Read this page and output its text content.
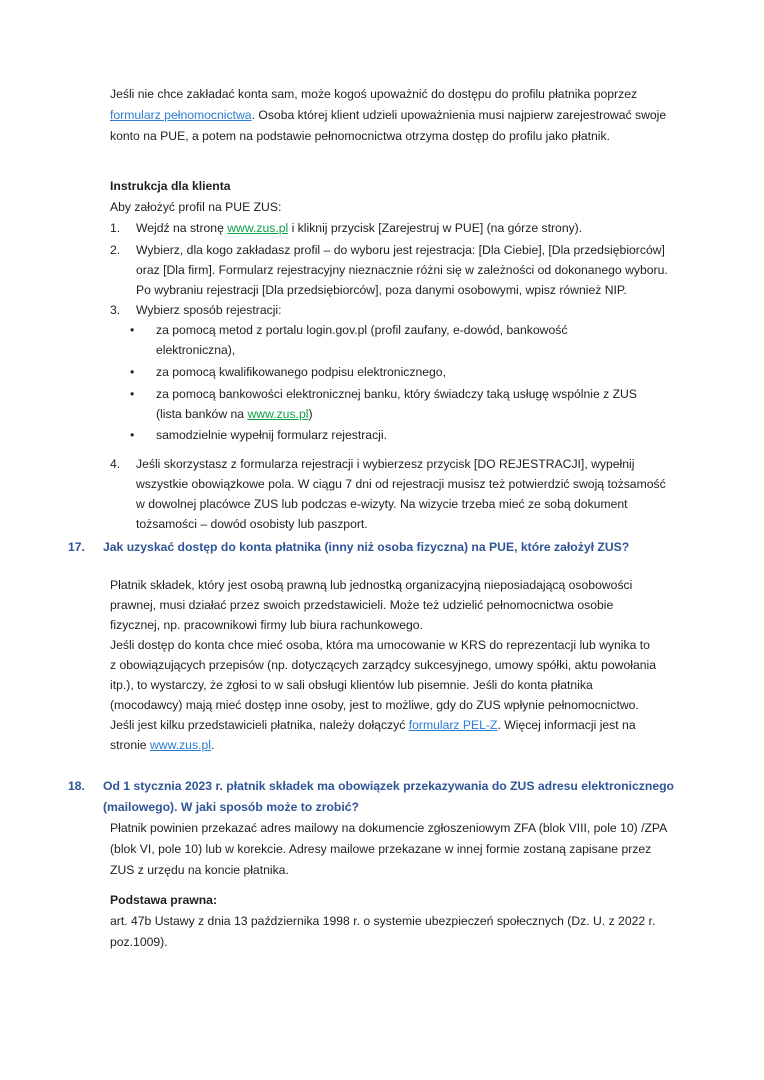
Jeśli nie chce zakładać konta sam, może kogoś upoważnić do dostępu do profilu płatnika poprzez formularz pełnomocnictwa. Osoba której klient udzieli upoważnienia musi najpierw zarejestrować swoje konto na PUE, a potem na podstawie pełnomocnictwa otrzyma dostęp do profilu jako płatnik.
Instrukcja dla klienta
Aby założyć profil na PUE ZUS:
1.	Wejdź na stronę www.zus.pl i kliknij przycisk [Zarejestruj w PUE] (na górze strony).
2.	Wybierz, dla kogo zakładasz profil – do wyboru jest rejestracja: [Dla Ciebie], [Dla przedsiębiorców] oraz [Dla firm]. Formularz rejestracyjny nieznacznie różni się w zależności od dokonanego wyboru. Po wybraniu rejestracji [Dla przedsiębiorców], poza danymi osobowymi, wpisz również NIP.
3.	Wybierz sposób rejestracji:
•
za pomocą metod z portalu login.gov.pl (profil zaufany, e-dowód, bankowość elektroniczna),
•
za pomocą kwalifikowanego podpisu elektronicznego,
•
za pomocą bankowości elektronicznej banku, który świadczy taką usługę wspólnie z ZUS (lista banków na www.zus.pl)
•
samodzielnie wypełnij formularz rejestracji.
4.	Jeśli skorzystasz z formularza rejestracji i wybierzesz przycisk [DO REJESTRACJI], wypełnij wszystkie obowiązkowe pola. W ciągu 7 dni od rejestracji musisz też potwierdzić swoją tożsamość w dowolnej placówce ZUS lub podczas e-wizyty. Na wizycie trzeba mieć ze sobą dokument tożsamości – dowód osobisty lub paszport.
17.	Jak uzyskać dostęp do konta płatnika (inny niż osoba fizyczna) na PUE, które założył ZUS?
Płatnik składek, który jest osobą prawną lub jednostką organizacyjną nieposiadającą osobowości prawnej, musi działać przez swoich przedstawicieli. Może też udzielić pełnomocnictwa osobie fizycznej, np. pracownikowi firmy lub biura rachunkowego.
Jeśli dostęp do konta chce mieć osoba, która ma umocowanie w KRS do reprezentacji lub wynika to z obowiązujących przepisów (np. dotyczących zarządcy sukcesyjnego, umowy spółki, aktu powołania itp.), to wystarczy, że zgłosi to w sali obsługi klientów lub pisemnie. Jeśli do konta płatnika (mocodawcy) mają mieć dostęp inne osoby, jest to możliwe, gdy do ZUS wpłynie pełnomocnictwo. Jeśli jest kilku przedstawicieli płatnika, należy dołączyć formularz PEL-Z. Więcej informacji jest na stronie www.zus.pl.
18.	Od 1 stycznia 2023 r. płatnik składek ma obowiązek przekazywania do ZUS adresu elektronicznego (mailowego). W jaki sposób może to zrobić?
Płatnik powinien przekazać adres mailowy na dokumencie zgłoszeniowym ZFA (blok VIII, pole 10) /ZPA (blok VI, pole 10) lub w korekcie. Adresy mailowe przekazane w innej formie zostaną zapisane przez ZUS z urzędu na koncie płatnika.
Podstawa prawna:
art. 47b Ustawy z dnia 13 października 1998 r. o systemie ubezpieczeń społecznych (Dz. U. z 2022 r. poz.1009).
